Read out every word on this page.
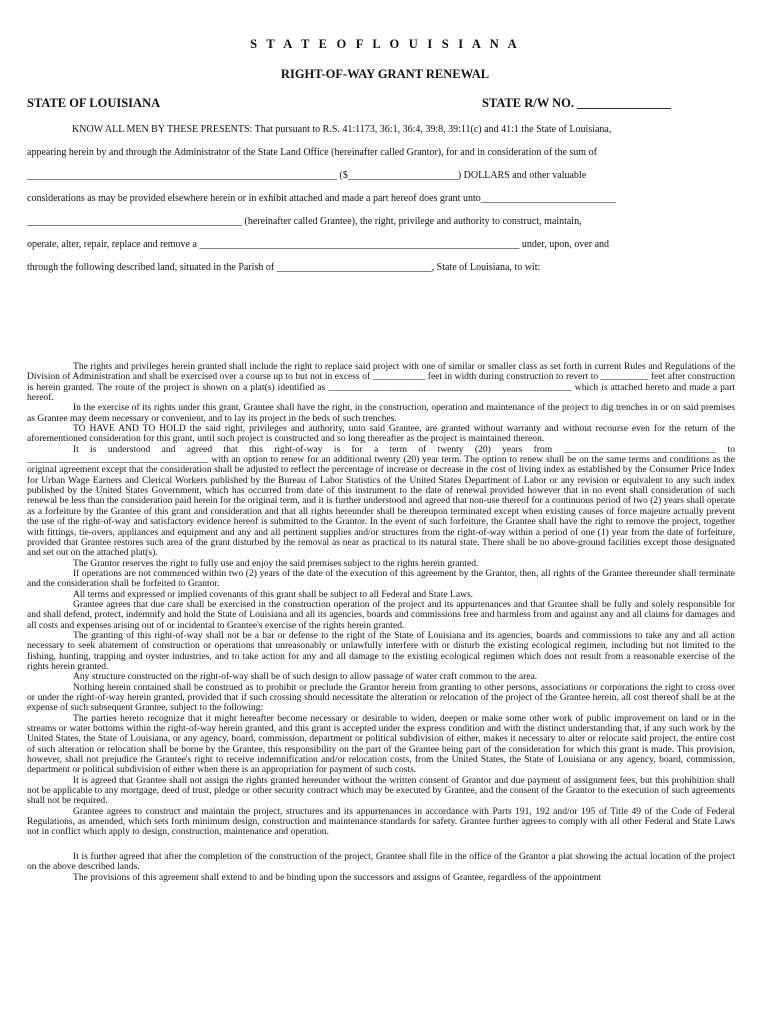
S T A T E O F L O U I S I A N A
RIGHT-OF-WAY GRANT RENEWAL
STATE OF LOUISIANA	STATE R/W NO. _______________
KNOW ALL MEN BY THESE PRESENTS: That pursuant to R.S. 41:1173, 36:1, 36:4, 39:8, 39:11(c) and 41:1 the State of Louisiana,
appearing herein by and through the Administrator of the State Land Office (hereinafter called Grantor), for and in consideration of the sum of
______________________________________________________________ ($______________________) DOLLARS and other valuable
considerations as may be provided elsewhere herein or in exhibit attached and made a part hereof does grant unto___________________________
___________________________________________ (hereinafter called Grantee), the right, privilege and authority to construct, maintain,
operate, alter, repair, replace and remove a ________________________________________________________________ under, upon, over and
through the following described land, situated in the Parish of _______________________________, State of Louisiana, to wit:

The rights and privileges herein granted shall include the right to replace said project with one of similar or smaller class as set forth in current Rules and Regulations of the Division of Administration and shall be exercised over a course up to but not in excess of ___________ feet in width during construction to revert to __________ feet after construction is herein granted. The route of the project is shown on a plat(s) identified as ___________________________________________________ which is attached hereto and made a part hereof.

In the exercise of its rights under this grant, Grantee shall have the right, in the construction, operation and maintenance of the project to dig trenches in or on said premises as Grantee may deem necessary or convenient, and to lay its project in the beds of such trenches.

TO HAVE AND TO HOLD the said right, privileges and authority, unto said Grantee, are granted without warranty and without recourse even for the return of the aforementioned consideration for this grant, until such project is constructed and so long thereafter as the project is maintained thereon.

It is understood and agreed that this right-of-way is for a term of twenty (20) years from ________________________________ to ______________________________________ with an option to renew for an additional twenty (20) year term. The option to renew shall be on the same terms and conditions as the original agreement except that the consideration shall be adjusted to reflect the percentage of increase or decrease in the cost of living index as established by the Consumer Price Index for Urban Wage Earners and Clerical Workers published by the Bureau of Labor Statistics of the United States Department of Labor or any revision or equivalent to any such index published by the United States Government, which has occurred from date of this instrument to the date of renewal provided however that in no event shall consideration of such renewal be less than the consideration paid herein for the original term, and it is further understood and agreed that non-use thereof for a continuous period of two (2) years shall operate as a forfeiture by the Grantee of this grant and consideration and that all rights hereunder shall be thereupon terminated except when existing causes of force majeure actually prevent the use of the right-of-way and satisfactory evidence hereof is submitted to the Grantor. In the event of such forfeiture, the Grantee shall have the right to remove the project, together with fittings, tie-overs, appliances and equipment and any and all pertinent supplies and/or structures from the right-of-way within a period of one (1) year from the date of forfeiture, provided that Grantee restores such area of the grant disturbed by the removal as near as practical to its natural state. There shall be no above-ground facilities except those designated and set out on the attached plat(s).

The Grantor reserves the right to fully use and enjoy the said premises subject to the rights herein granted.

If operations are not commenced within two (2) years of the date of the execution of this agreement by the Grantor, then, all rights of the Grantee thereunder shall terminate and the consideration shall be forfeited to Grantor.

All terms and expressed or implied covenants of this grant shall be subject to all Federal and State Laws.

Grantee agrees that due care shall be exercised in the construction operation of the project and its appurtenances and that Grantee shall be fully and solely responsible for and shall defend, protect, indemnify and hold the State of Louisiana and all its agencies, boards and commissions free and harmless from and against any and all claims for damages and all costs and expenses arising out of or incidental to Grantee's exercise of the rights herein granted.

The granting of this right-of-way shall not be a bar or defense to the right of the State of Louisiana and its agencies, boards and commissions to take any and all action necessary to seek abatement of construction or operations that unreasonably or unlawfully interfere with or disturb the existing ecological regimen, including but not limited to the fishing, hunting, trapping and oyster industries, and to take action for any and all damage to the existing ecological regimen which does not result from a reasonable exercise of the rights herein granted.

Any structure constructed on the right-of-way shall be of such design to allow passage of water craft common to the area.

Nothing herein contained shall be construed as to prohibit or preclude the Grantor herein from granting to other persons, associations or corporations the right to cross over or under the right-of-way herein granted, provided that if such crossing should necessitate the alteration or relocation of the project of the Grantee herein, all cost thereof shall be at the expense of such subsequent Grantee, subject to the following:

The parties hereto recognize that it might hereafter become necessary or desirable to widen, deepen or make some other work of public improvement on land or in the streams or water bottoms within the right-of-way herein granted, and this grant is accepted under the express condition and with the distinct understanding that, if any such work by the United States, the State of Louisiana, or any agency, board, commission, department or political subdivision of either, makes it necessary to alter or relocate said project, the entire cost of such alteration or relocation shall be borne by the Grantee, this responsibility on the part of the Grantee being part of the consideration for which this grant is made. This provision, however, shall not prejudice the Grantee's right to receive indemnification and/or relocation costs, from the United States, the State of Louisiana or any agency, board, commission, department or political subdivision of either when there is an appropriation for payment of such costs.

It is agreed that Grantee shall not assign the rights granted hereunder without the written consent of Grantor and due payment of assignment fees, but this prohibition shall not be applicable to any mortgage, deed of trust, pledge or other security contract which may be executed by Grantee, and the consent of the Grantor to the execution of such agreements shall not be required.

Grantee agrees to construct and maintain the project, structures and its appurtenances in accordance with Parts 191, 192 and/or 195 of Title 49 of the Code of Federal Regulations, as amended, which sets forth minimum design, construction and maintenance standards for safety. Grantee further agrees to comply with all other Federal and State Laws not in conflict which apply to design, construction, maintenance and operation.

It is further agreed that after the completion of the construction of the project, Grantee shall file in the office of the Grantor a plat showing the actual location of the project on the above described lands.

The provisions of this agreement shall extend to and be binding upon the successors and assigns of Grantee, regardless of the appointment
